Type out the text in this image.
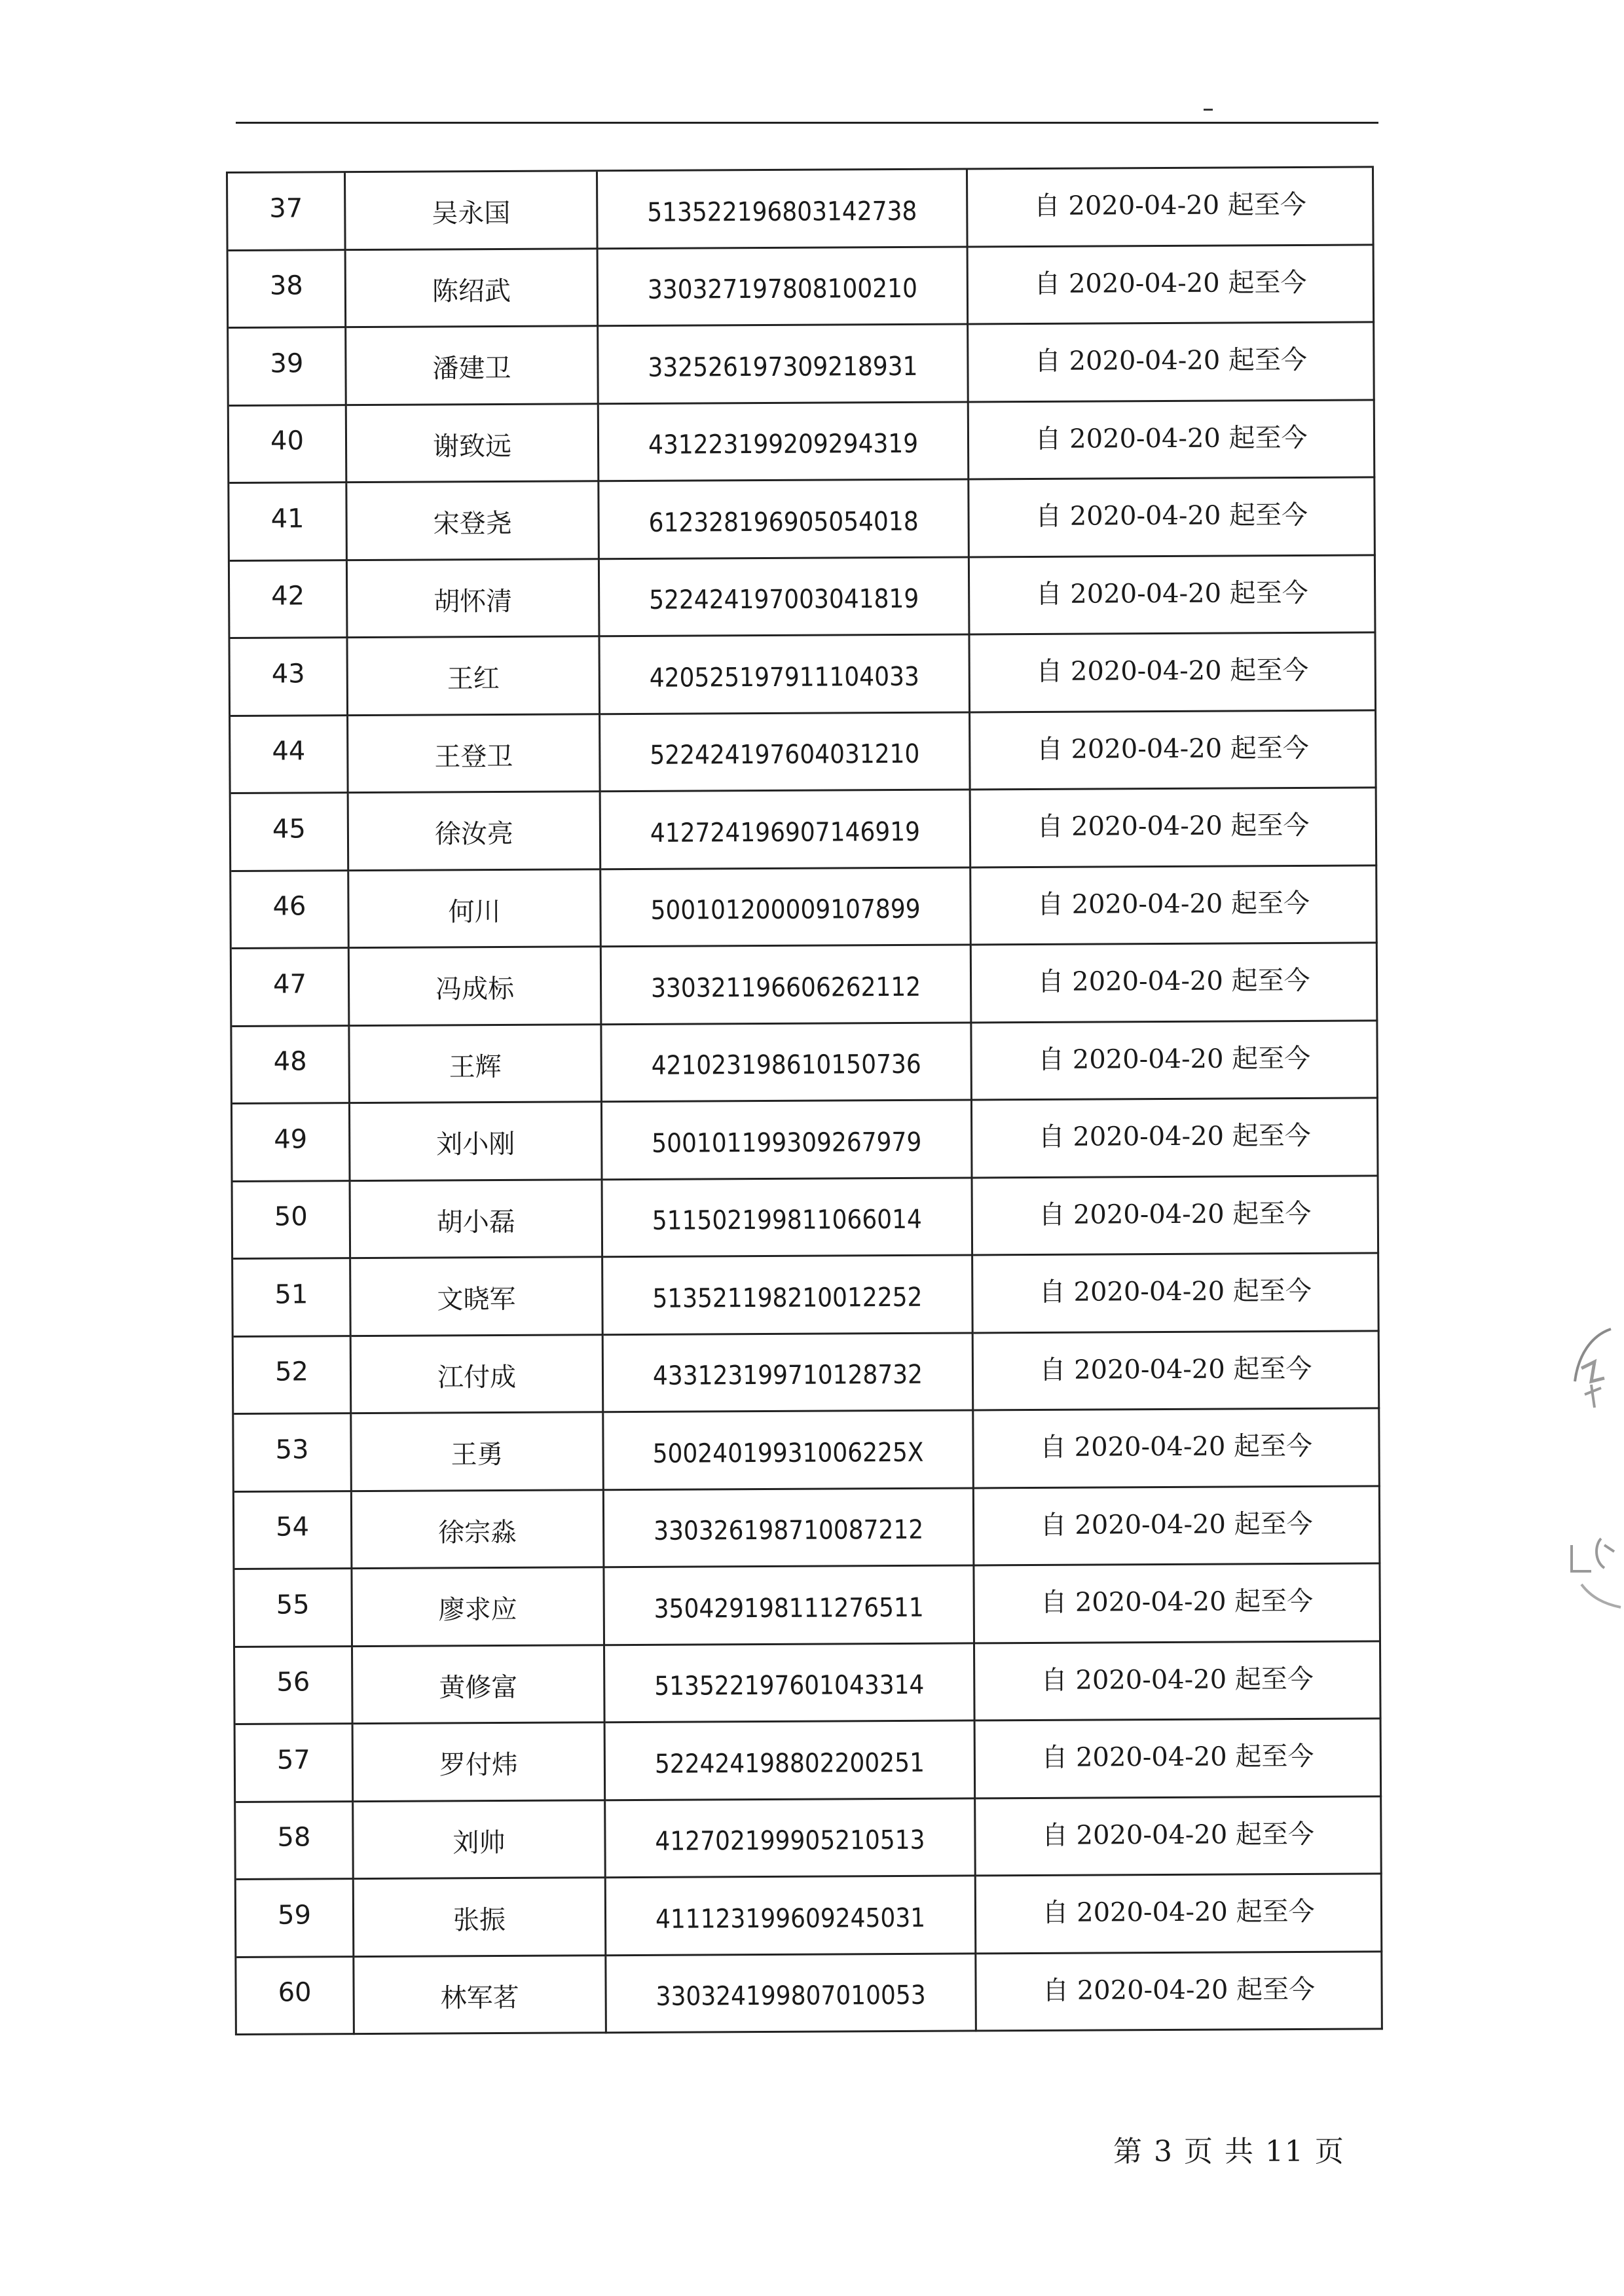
37	吴永国	513522196803142738	自 2020-04-20 起至今
38	陈绍武	330327197808100210	自 2020-04-20 起至今
39	潘建卫	332526197309218931	自 2020-04-20 起至今
40	谢致远	431223199209294319	自 2020-04-20 起至今
41	宋登尧	612328196905054018	自 2020-04-20 起至今
42	胡怀清	522424197003041819	自 2020-04-20 起至今
43	王红	420525197911104033	自 2020-04-20 起至今
44	王登卫	522424197604031210	自 2020-04-20 起至今
45	徐汝亮	412724196907146919	自 2020-04-20 起至今
46	何川	500101200009107899	自 2020-04-20 起至今
47	冯成标	330321196606262112	自 2020-04-20 起至今
48	王辉	421023198610150736	自 2020-04-20 起至今
49	刘小刚	500101199309267979	自 2020-04-20 起至今
50	胡小磊	511502199811066014	自 2020-04-20 起至今
51	文晓军	513521198210012252	自 2020-04-20 起至今
52	江付成	433123199710128732	自 2020-04-20 起至今
53	王勇	50024019931006225X	自 2020-04-20 起至今
54	徐宗淼	330326198710087212	自 2020-04-20 起至今
55	廖求应	350429198111276511	自 2020-04-20 起至今
56	黄修富	513522197601043314	自 2020-04-20 起至今
57	罗付炜	522424198802200251	自 2020-04-20 起至今
58	刘帅	412702199905210513	自 2020-04-20 起至今
59	张振	411123199609245031	自 2020-04-20 起至今
60	林军茗	330324199807010053	自 2020-04-20 起至今
第 3 页 共 11 页
